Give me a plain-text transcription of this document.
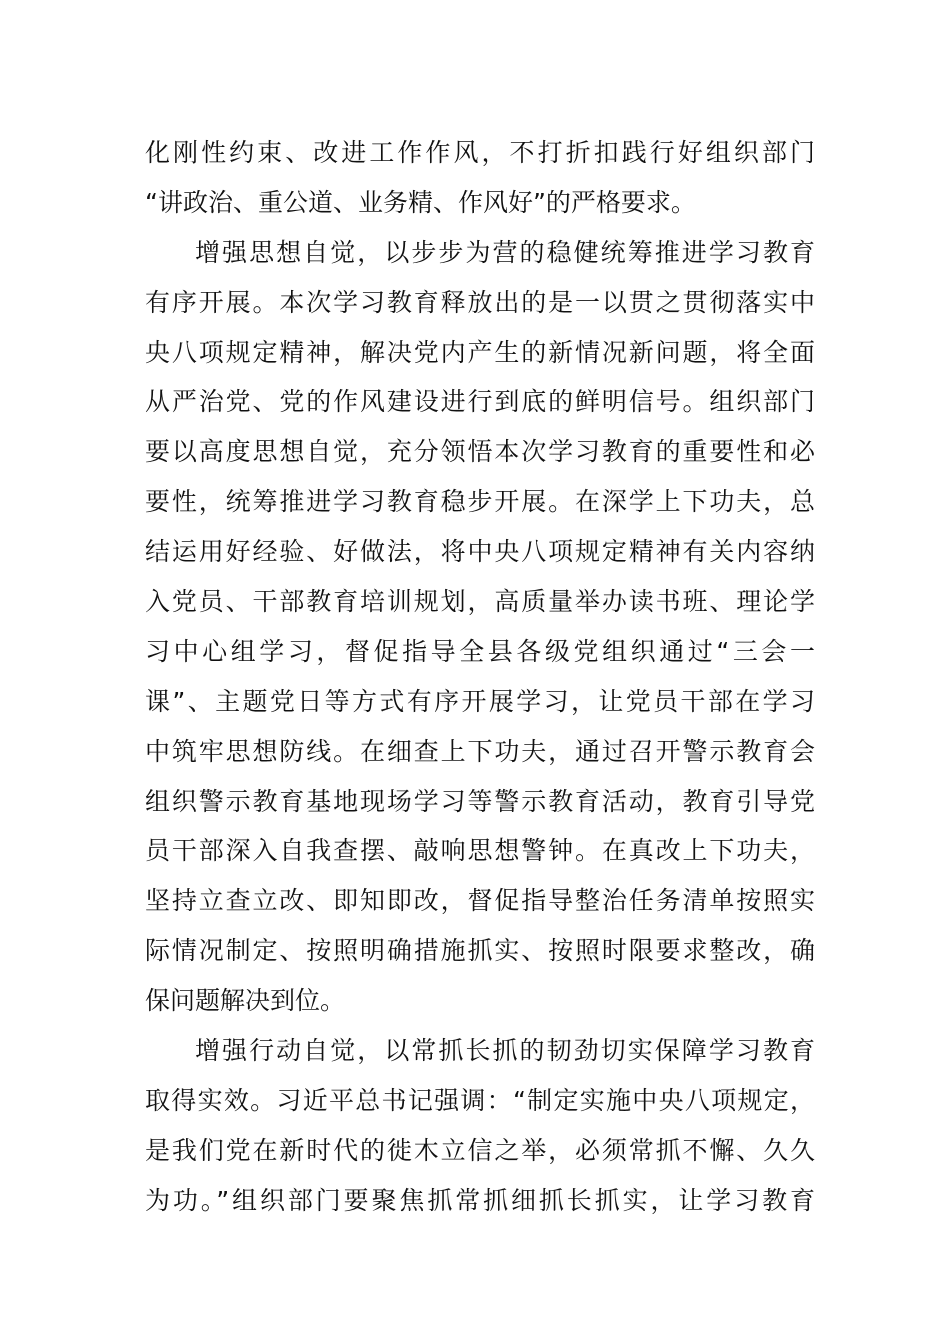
化刚性约束、改进工作作风，不打折扣践行好组织部门
“讲政治、重公道、业务精、作风好”的严格要求。
增强思想自觉，以步步为营的稳健统筹推进学习教育
有序开展。本次学习教育释放出的是一以贯之贯彻落实中
央八项规定精神，解决党内产生的新情况新问题，将全面
从严治党、党的作风建设进行到底的鲜明信号。组织部门
要以高度思想自觉，充分领悟本次学习教育的重要性和必
要性，统筹推进学习教育稳步开展。在深学上下功夫，总
结运用好经验、好做法，将中央八项规定精神有关内容纳
入党员、干部教育培训规划，高质量举办读书班、理论学
习中心组学习，督促指导全县各级党组织通过“三会一
课”、主题党日等方式有序开展学习，让党员干部在学习
中筑牢思想防线。在细查上下功夫，通过召开警示教育会
组织警示教育基地现场学习等警示教育活动，教育引导党
员干部深入自我查摆、敲响思想警钟。在真改上下功夫，
坚持立查立改、即知即改，督促指导整治任务清单按照实
际情况制定、按照明确措施抓实、按照时限要求整改，确
保问题解决到位。
增强行动自觉，以常抓长抓的韧劲切实保障学习教育
取得实效。习近平总书记强调：“制定实施中央八项规定，
是我们党在新时代的徙木立信之举，必须常抓不懈、久久
为功。”组织部门要聚焦抓常抓细抓长抓实，让学习教育
